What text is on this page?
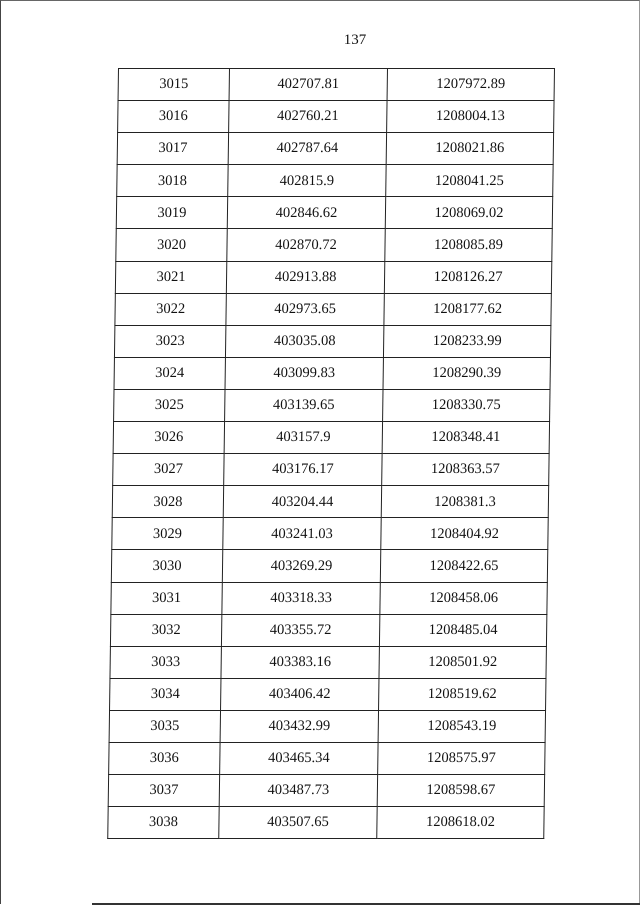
137
3015	402707.81	1207972.89
3016	402760.21	1208004.13
3017	402787.64	1208021.86
3018	402815.9	1208041.25
3019	402846.62	1208069.02
3020	402870.72	1208085.89
3021	402913.88	1208126.27
3022	402973.65	1208177.62
3023	403035.08	1208233.99
3024	403099.83	1208290.39
3025	403139.65	1208330.75
3026	403157.9	1208348.41
3027	403176.17	1208363.57
3028	403204.44	1208381.3
3029	403241.03	1208404.92
3030	403269.29	1208422.65
3031	403318.33	1208458.06
3032	403355.72	1208485.04
3033	403383.16	1208501.92
3034	403406.42	1208519.62
3035	403432.99	1208543.19
3036	403465.34	1208575.97
3037	403487.73	1208598.67
3038	403507.65	1208618.02
